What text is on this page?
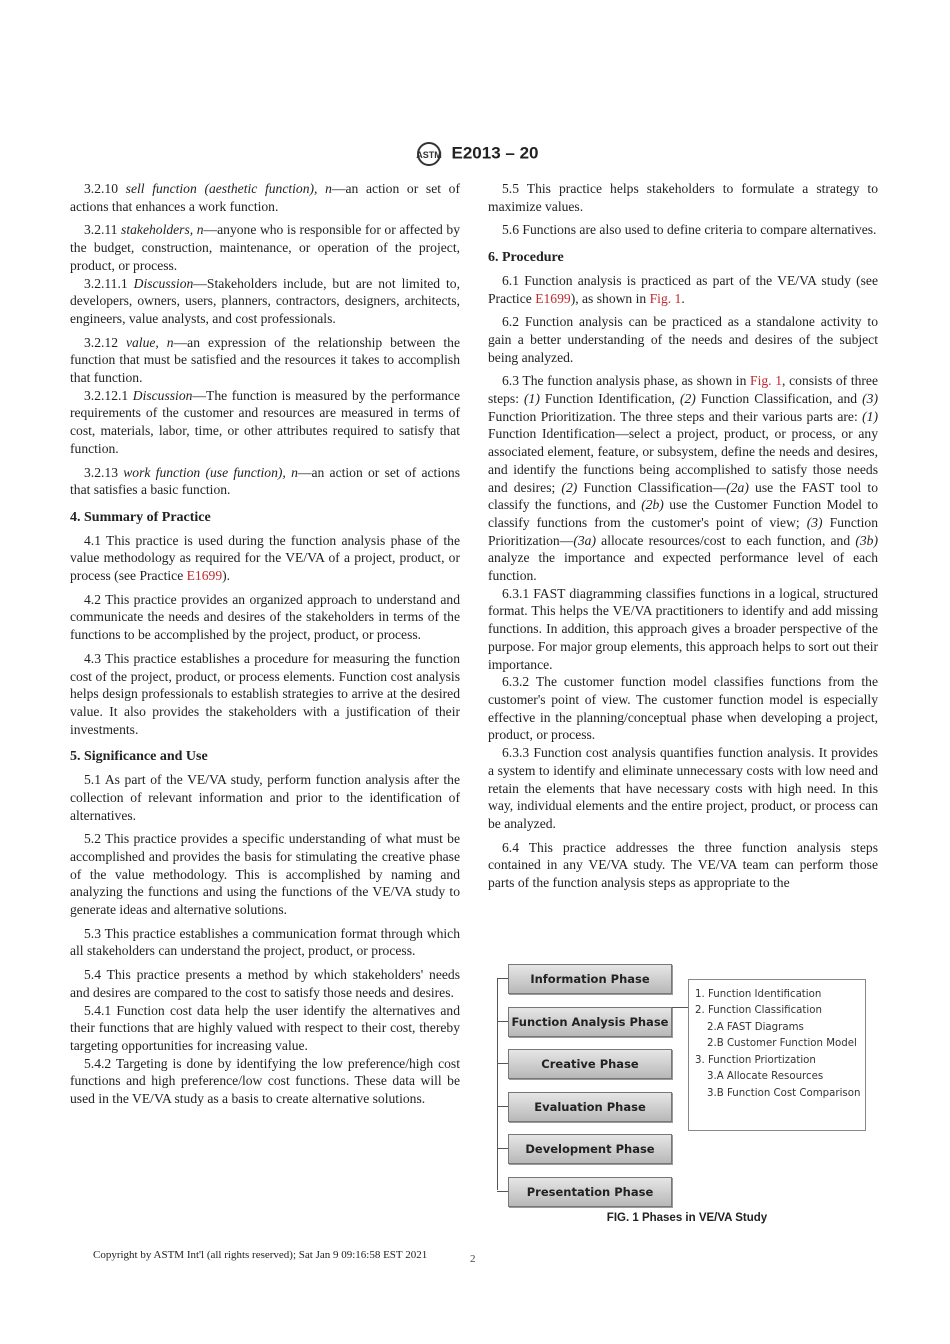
ASTM E2013 – 20

3.2.10 sell function (aesthetic function), n—an action or set of actions that enhances a work function.

3.2.11 stakeholders, n—anyone who is responsible for or affected by the budget, construction, maintenance, or operation of the project, product, or process.

3.2.11.1 Discussion—Stakeholders include, but are not limited to, developers, owners, users, planners, contractors, designers, architects, engineers, value analysts, and cost professionals.

3.2.12 value, n—an expression of the relationship between the function that must be satisfied and the resources it takes to accomplish that function.

3.2.12.1 Discussion—The function is measured by the performance requirements of the customer and resources are measured in terms of cost, materials, labor, time, or other attributes required to satisfy that function.

3.2.13 work function (use function), n—an action or set of actions that satisfies a basic function.

4. Summary of Practice

4.1 This practice is used during the function analysis phase of the value methodology as required for the VE/VA of a project, product, or process (see Practice E1699).

4.2 This practice provides an organized approach to understand and communicate the needs and desires of the stakeholders in terms of the functions to be accomplished by the project, product, or process.

4.3 This practice establishes a procedure for measuring the function cost of the project, product, or process elements. Function cost analysis helps design professionals to establish strategies to arrive at the desired value. It also provides the stakeholders with a justification of their investments.

5. Significance and Use

5.1 As part of the VE/VA study, perform function analysis after the collection of relevant information and prior to the identification of alternatives.

5.2 This practice provides a specific understanding of what must be accomplished and provides the basis for stimulating the creative phase of the value methodology. This is accomplished by naming and analyzing the functions and using the functions of the VE/VA study to generate ideas and alternative solutions.

5.3 This practice establishes a communication format through which all stakeholders can understand the project, product, or process.

5.4 This practice presents a method by which stakeholders' needs and desires are compared to the cost to satisfy those needs and desires.

5.4.1 Function cost data help the user identify the alternatives and their functions that are highly valued with respect to their cost, thereby targeting opportunities for increasing value.

5.4.2 Targeting is done by identifying the low preference/high cost functions and high preference/low cost functions. These data will be used in the VE/VA study as a basis to create alternative solutions.

5.5 This practice helps stakeholders to formulate a strategy to maximize values.

5.6 Functions are also used to define criteria to compare alternatives.

6. Procedure

6.1 Function analysis is practiced as part of the VE/VA study (see Practice E1699), as shown in Fig. 1.

6.2 Function analysis can be practiced as a standalone activity to gain a better understanding of the needs and desires of the subject being analyzed.

6.3 The function analysis phase, as shown in Fig. 1, consists of three steps: (1) Function Identification, (2) Function Classification, and (3) Function Prioritization. The three steps and their various parts are: (1) Function Identification—select a project, product, or process, or any associated element, feature, or subsystem, define the needs and desires, and identify the functions being accomplished to satisfy those needs and desires; (2) Function Classification—(2a) use the FAST tool to classify the functions, and (2b) use the Customer Function Model to classify functions from the customer's point of view; (3) Function Prioritization—(3a) allocate resources/cost to each function, and (3b) analyze the importance and expected performance level of each function.

6.3.1 FAST diagramming classifies functions in a logical, structured format. This helps the VE/VA practitioners to identify and add missing functions. In addition, this approach gives a broader perspective of the purpose. For major group elements, this approach helps to sort out their importance.

6.3.2 The customer function model classifies functions from the customer's point of view. The customer function model is especially effective in the planning/conceptual phase when developing a project, product, or process.

6.3.3 Function cost analysis quantifies function analysis. It provides a system to identify and eliminate unnecessary costs with low need and retain the elements that have necessary costs with high need. In this way, individual elements and the entire project, product, or process can be analyzed.

6.4 This practice addresses the three function analysis steps contained in any VE/VA study. The VE/VA team can perform those parts of the function analysis steps as appropriate to the

Information Phase
Function Analysis Phase
Creative Phase
Evaluation Phase
Development Phase
Presentation Phase
1. Function Identification
2. Function Classification
2.A FAST Diagrams
2.B Customer Function Model
3. Function Priortization
3.A Allocate Resources
3.B Function Cost Comparison
FIG. 1 Phases in VE/VA Study
Copyright by ASTM Int'l (all rights reserved); Sat Jan 9 09:16:58 EST 2021	2
